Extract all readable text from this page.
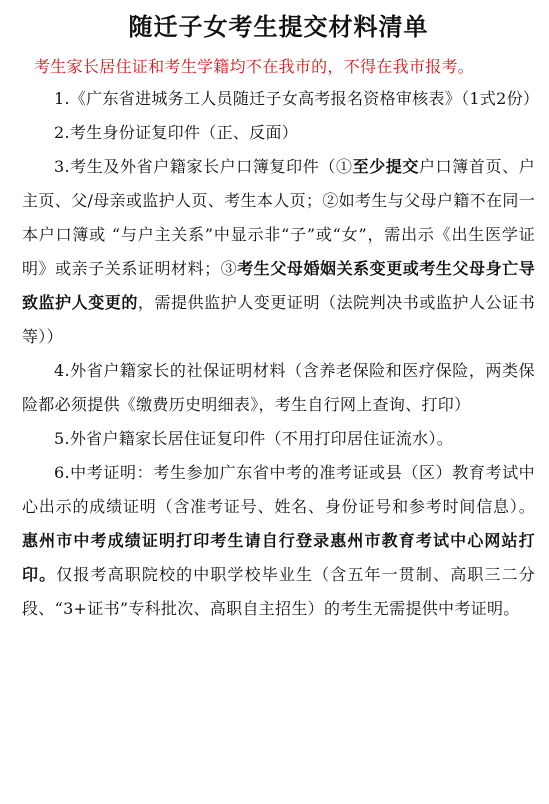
随迁子女考生提交材料清单

考生家长居住证和考生学籍均不在我市的，不得在我市报考。

1.《广东省进城务工人员随迁子女高考报名资格审核表》（1式2份）

2.考生身份证复印件（正、反面）

3.考生及外省户籍家长户口簿复印件（①至少提交户口簿首页、户主页、父/母亲或监护人页、考生本人页；②如考生与父母户籍不在同一本户口簿或 “与户主关系”中显示非“子”或“女”，需出示《出生医学证明》或亲子关系证明材料；③考生父母婚姻关系变更或考生父母身亡导致监护人变更的，需提供监护人变更证明（法院判决书或监护人公证书等））

4.外省户籍家长的社保证明材料（含养老保险和医疗保险，两类保险都必须提供《缴费历史明细表》，考生自行网上查询、打印）

5.外省户籍家长居住证复印件（不用打印居住证流水）。

6.中考证明：考生参加广东省中考的准考证或县（区）教育考试中心出示的成绩证明（含准考证号、姓名、身份证号和参考时间信息）。惠州市中考成绩证明打印考生请自行登录惠州市教育考试中心网站打印。仅报考高职院校的中职学校毕业生（含五年一贯制、高职三二分段、“3+证书”专科批次、高职自主招生）的考生无需提供中考证明。
